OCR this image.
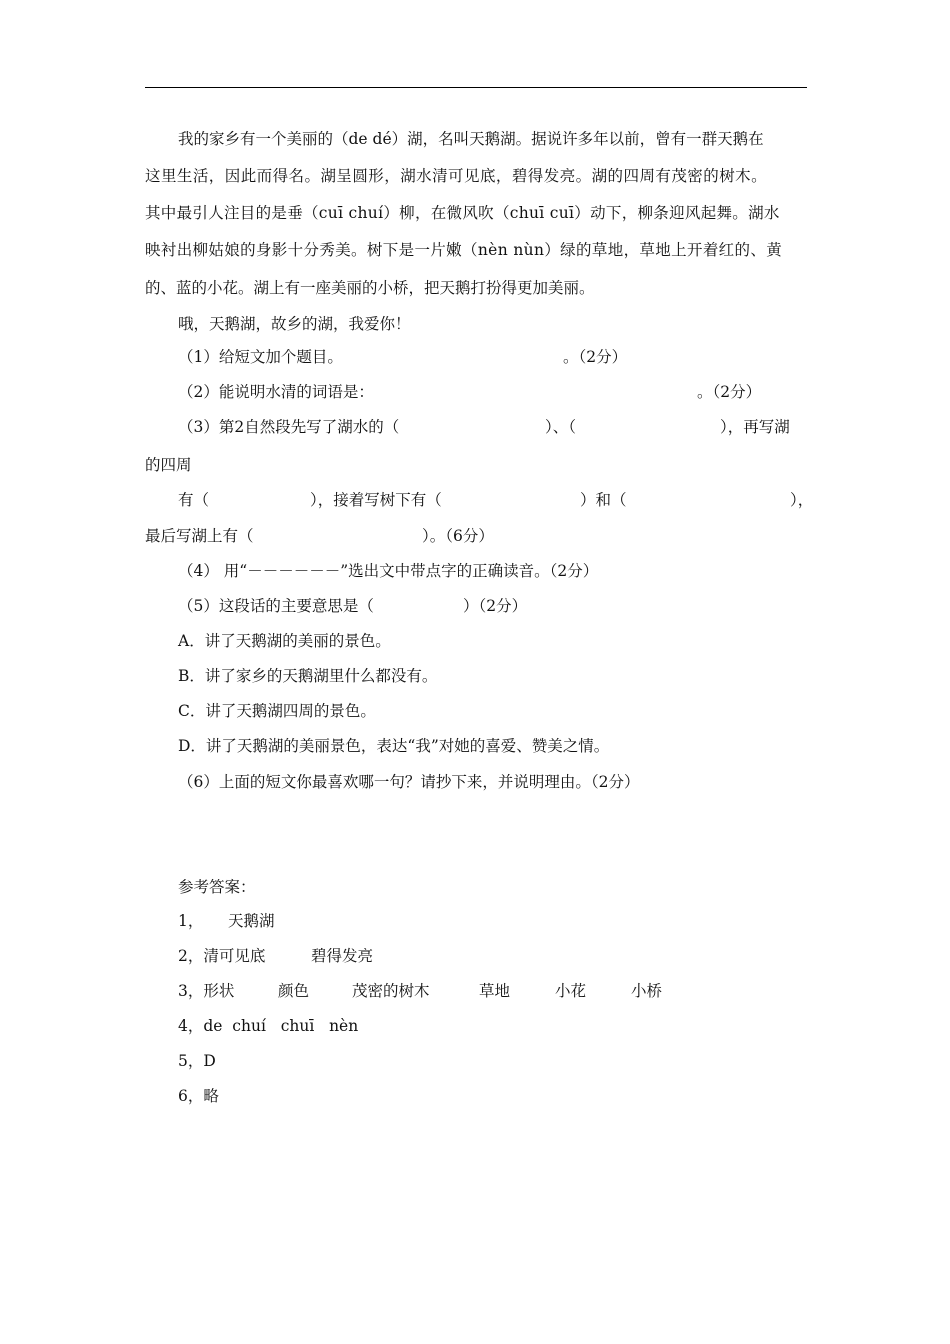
我的家乡有一个美丽的（de dé）湖，名叫天鹅湖。据说许多年以前，曾有一群天鹅在
这里生活，因此而得名。湖呈圆形，湖水清可见底，碧得发亮。湖的四周有茂密的树木。
其中最引人注目的是垂（cuī chuí）柳，在微风吹（chuī cuī）动下，柳条迎风起舞。湖水
映衬出柳姑娘的身影十分秀美。树下是一片嫩（nèn nùn）绿的草地，草地上开着红的、黄
的、蓝的小花。湖上有一座美丽的小桥，把天鹅打扮得更加美丽。
哦，天鹅湖，故乡的湖，我爱你！
（1）给短文加个题目。	。（2分）
（2）能说明水清的词语是：	。（2分）
（3）第2自然段先写了湖水的（	）、（	），再写湖
的四周
有（	），接着写树下有（	）和（	），
最后写湖上有（	）。（6分）
（4） 用“－－－－－－”选出文中带点字的正确读音。（2分）
（5）这段话的主要意思是（	）（2分）
A．讲了天鹅湖的美丽的景色。
B．讲了家乡的天鹅湖里什么都没有。
C．讲了天鹅湖四周的景色。
D．讲了天鹅湖的美丽景色，表达“我”对她的喜爱、赞美之情。
（6）上面的短文你最喜欢哪一句？请抄下来，并说明理由。（2分）
参考答案：
1， 天鹅湖
2，清可见底	碧得发亮
3，形状	颜色	茂密的树木	草地	小花	小桥
4，de  chuí   chuī   nèn
5，D
6，略
